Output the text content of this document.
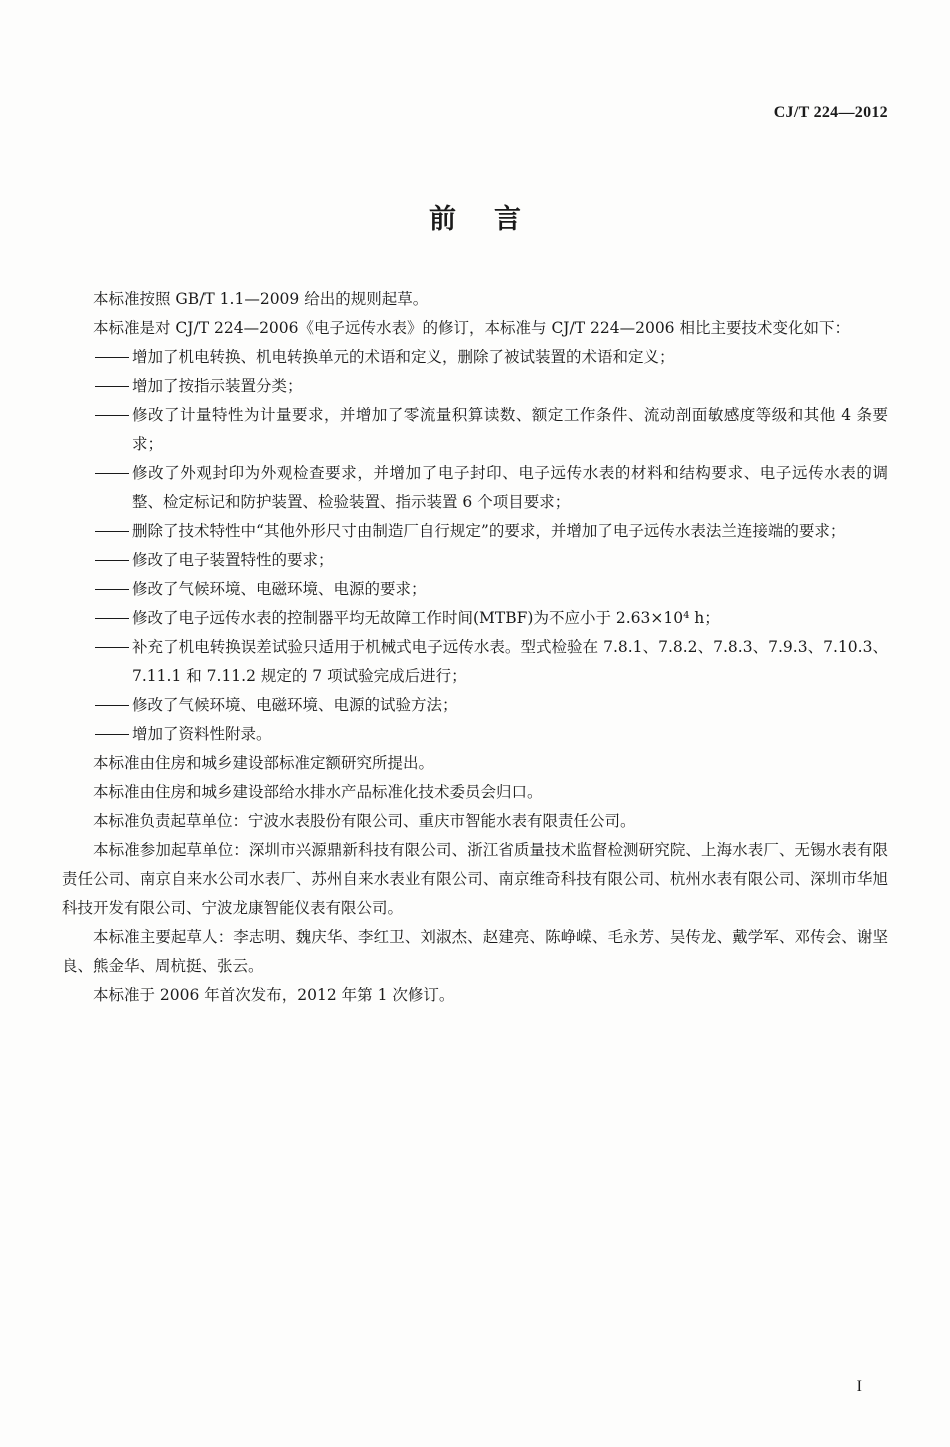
CJ/T 224—2012
前言

本标准按照 GB/T 1.1—2009 给出的规则起草。

本标准是对 CJ/T 224—2006《电子远传水表》的修订，本标准与 CJ/T 224—2006 相比主要技术变化如下：

增加了机电转换、机电转换单元的术语和定义，删除了被试装置的术语和定义；

增加了按指示装置分类；

修改了计量特性为计量要求，并增加了零流量积算读数、额定工作条件、流动剖面敏感度等级和其他 4 条要求；

修改了外观封印为外观检查要求，并增加了电子封印、电子远传水表的材料和结构要求、电子远传水表的调整、检定标记和防护装置、检验装置、指示装置 6 个项目要求；

删除了技术特性中“其他外形尺寸由制造厂自行规定”的要求，并增加了电子远传水表法兰连接端的要求；

修改了电子装置特性的要求；

修改了气候环境、电磁环境、电源的要求；

修改了电子远传水表的控制器平均无故障工作时间(MTBF)为不应小于 2.63×10⁴ h；

补充了机电转换误差试验只适用于机械式电子远传水表。型式检验在 7.8.1、7.8.2、7.8.3、7.9.3、7.10.3、7.11.1 和 7.11.2 规定的 7 项试验完成后进行；

修改了气候环境、电磁环境、电源的试验方法；

增加了资料性附录。

本标准由住房和城乡建设部标准定额研究所提出。

本标准由住房和城乡建设部给水排水产品标准化技术委员会归口。

本标准负责起草单位：宁波水表股份有限公司、重庆市智能水表有限责任公司。

本标准参加起草单位：深圳市兴源鼎新科技有限公司、浙江省质量技术监督检测研究院、上海水表厂、无锡水表有限责任公司、南京自来水公司水表厂、苏州自来水表业有限公司、南京维奇科技有限公司、杭州水表有限公司、深圳市华旭科技开发有限公司、宁波龙康智能仪表有限公司。

本标准主要起草人：李志明、魏庆华、李红卫、刘淑杰、赵建亮、陈峥嵘、毛永芳、吴传龙、戴学军、邓传会、谢坚良、熊金华、周杭挺、张云。

本标准于 2006 年首次发布，2012 年第 1 次修订。

I
